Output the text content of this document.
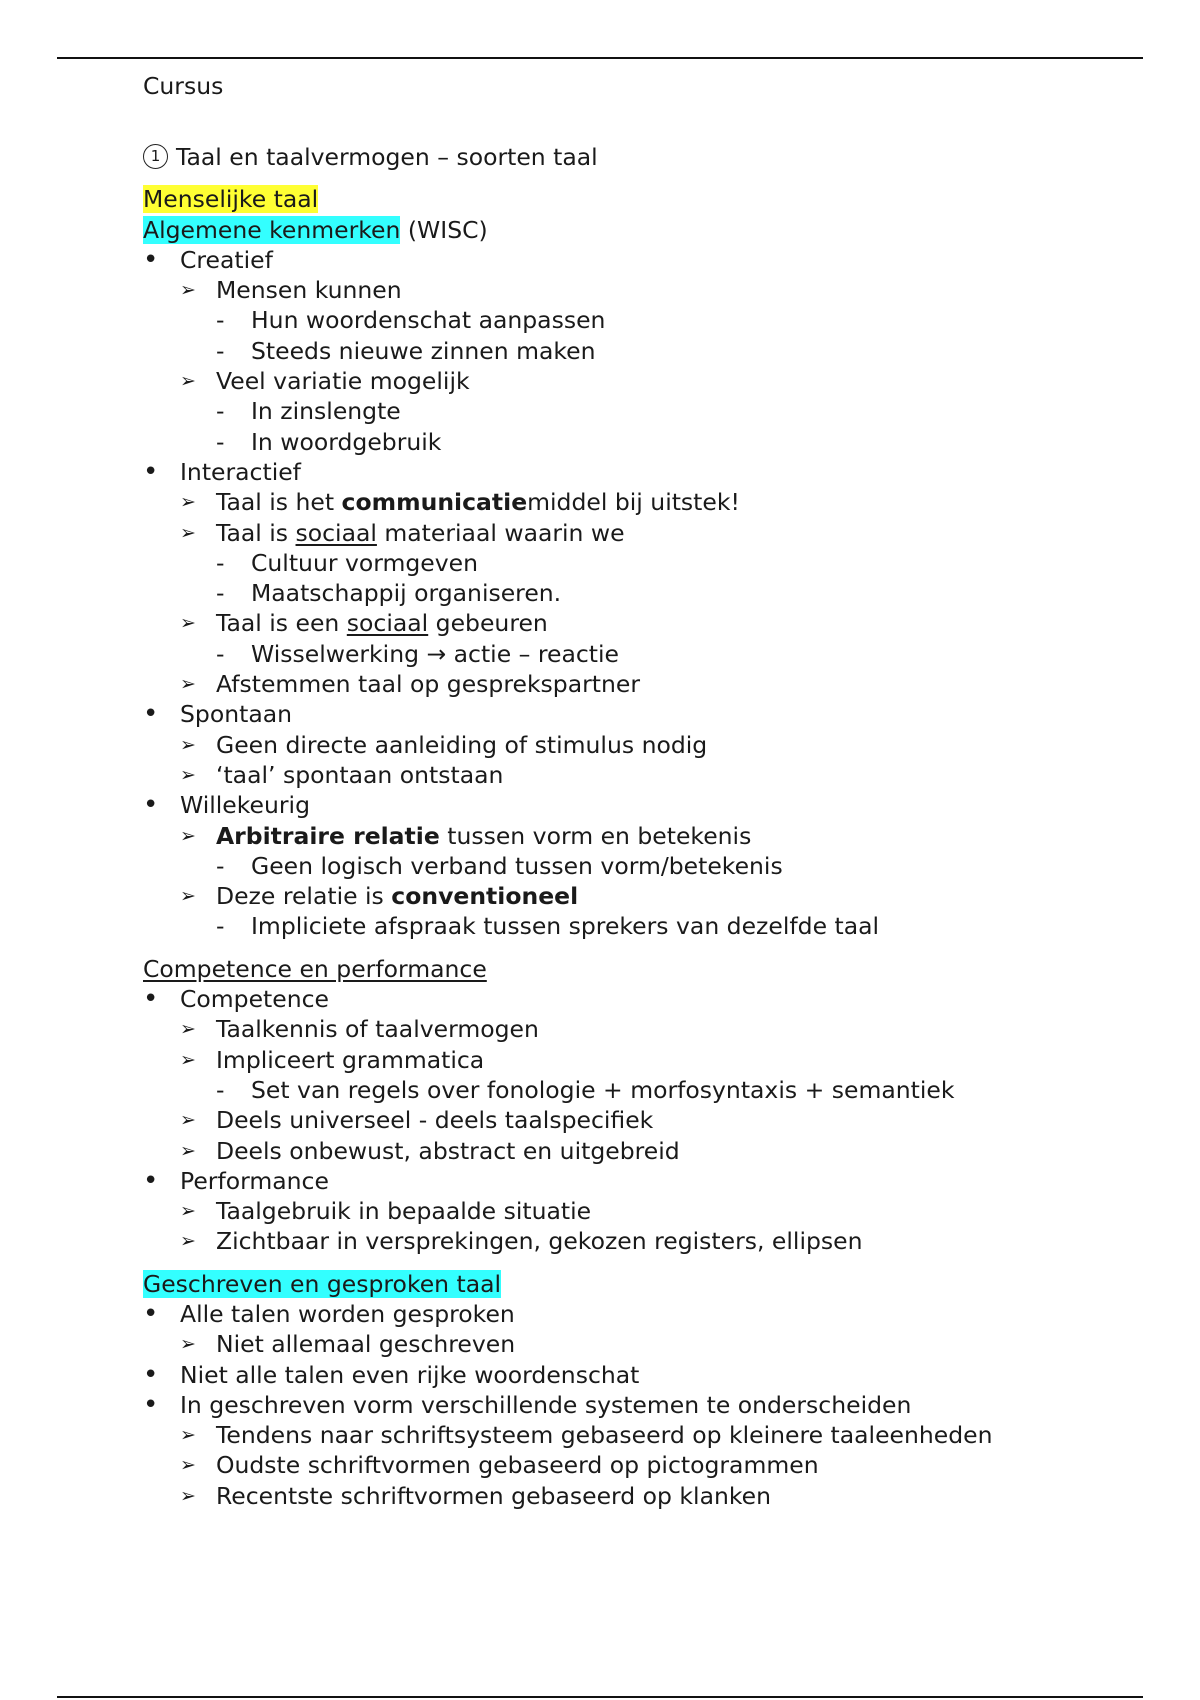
Cursus
1 Taal en taalvermogen – soorten taal
Menselijke taal
Algemene kenmerken (WISC)
• Creatief
➢ Mensen kunnen
- Hun woordenschat aanpassen
- Steeds nieuwe zinnen maken
➢ Veel variatie mogelijk
- In zinslengte
- In woordgebruik
• Interactief
➢ Taal is het communicatiemiddel bij uitstek!
➢ Taal is sociaal materiaal waarin we
- Cultuur vormgeven
- Maatschappij organiseren.
➢ Taal is een sociaal gebeuren
- Wisselwerking → actie – reactie
➢ Afstemmen taal op gesprekspartner
• Spontaan
➢ Geen directe aanleiding of stimulus nodig
➢ ‘taal’ spontaan ontstaan
• Willekeurig
➢ Arbitraire relatie tussen vorm en betekenis
- Geen logisch verband tussen vorm/betekenis
➢ Deze relatie is conventioneel
- Impliciete afspraak tussen sprekers van dezelfde taal
Competence en performance
• Competence
➢ Taalkennis of taalvermogen
➢ Impliceert grammatica
- Set van regels over fonologie + morfosyntaxis + semantiek
➢ Deels universeel - deels taalspecifiek
➢ Deels onbewust, abstract en uitgebreid
• Performance
➢ Taalgebruik in bepaalde situatie
➢ Zichtbaar in versprekingen, gekozen registers, ellipsen
Geschreven en gesproken taal
• Alle talen worden gesproken
➢ Niet allemaal geschreven
• Niet alle talen even rijke woordenschat
• In geschreven vorm verschillende systemen te onderscheiden
➢ Tendens naar schriftsysteem gebaseerd op kleinere taaleenheden
➢ Oudste schriftvormen gebaseerd op pictogrammen
➢ Recentste schriftvormen gebaseerd op klanken
